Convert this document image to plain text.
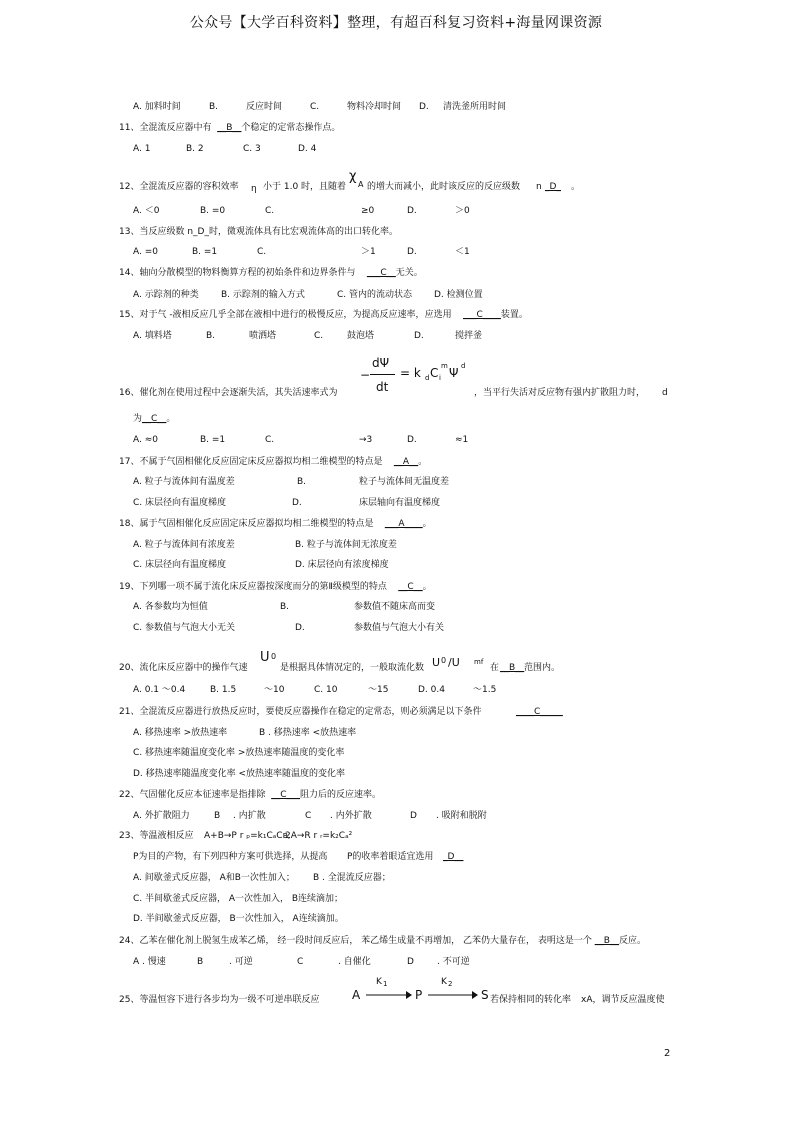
公众号【大学百科资料】整理，有超百科复习资料+海量网课资源
A. 加料时间	B.	反应时间	C.	物料冷却时间 D. 清洗釜所用时间
11、全混流反应器中有 __B__个稳定的定常态操作点。
A. 1	B. 2	C. 3	D. 4
12、全混流反应器的容积效率 η 小于 1.0 时，且随着
χ
A 的增大而减小，此时该反应的反应级数 n _D_ 。
A. ＜0	B. =0	C.	≥0	D.	＞0
13、当反应级数 n_D_时，微观流体具有比宏观流体高的出口转化率。
A. =0	B. =1	C.	＞1	D.	＜1
14、轴向分散模型的物料衡算方程的初始条件和边界条件与 ___C__无关。
A. 示踪剂的种类 B. 示踪剂的输入方式	C. 管内的流动状态 D. 检测位置
15、对于气 -液相反应几乎全部在液相中进行的极慢反应，为提高反应速率，应选用 ___C____装置。
A. 填料塔	B.	喷洒塔	C.	鼓泡塔	D.	搅拌釜
−
dΨ
dt
= k d C m
i Ψ d
16、催化剂在使用过程中会逐渐失活，其失活速率式为	，当平行失活对反应物有强内扩散阻力时， d
为__C__。
A. ≈0	B. =1	C.	→3	D.	≈1
17、不属于气固相催化反应固定床反应器拟均相二维模型的特点是 __A__。
A. 粒子与流体间有温度差	B.	粒子与流体间无温度差
C. 床层径向有温度梯度	D.	床层轴向有温度梯度
18、属于气固相催化反应固定床反应器拟均相二维模型的特点是 ___A____。
A. 粒子与流体间有浓度差	B. 粒子与流体间无浓度差
C. 床层径向有温度梯度	D. 床层径向有浓度梯度
19、下列哪一项不属于流化床反应器按深度而分的第Ⅱ级模型的特点 __C__。
A. 各参数均为恒值	B.	参数值不随床高而变
C. 参数值与气泡大小无关	D.	参数值与气泡大小有关
20、流化床反应器中的操作气速
U 0
是根据具体情况定的，一般取流化数 U 0 /U mf
在 __B__ 范围内。
A. 0.1 ～0.4	B. 1.5	～10	C. 10	～15	D. 0.4	～1.5
21、全混流反应器进行放热反应时，要使反应器操作在稳定的定常态，则必须满足以下条件	____C_____
A. 移热速率 >放热速率	B . 移热速率 <放热速率
C. 移热速率随温度变化率 >放热速率随温度的变化率
D. 移热速率随温度变化率 <放热速率随温度的变化率
22、气固催化反应本征速率是指排除 __C___阻力后的反应速率。
A. 外扩散阻力	B . 内扩散	C . 内外扩散	D . 吸附和脱附
23、等温液相反应 A+B→P r ₚ=k₁CₐCʙ,
2A→R r ᵣ=k₂Cₐ²
P为目的产物，有下列四种方案可供选择，从提高 P的收率着眼适宜选用 _D__
A. 间歇釜式反应器， A和B一次性加入； B . 全混流反应器；
C. 半间歇釜式反应器， A一次性加入， B连续滴加；
D. 半间歇釜式反应器， B一次性加入， A连续滴加。
24、乙苯在催化剂上脱氢生成苯乙烯， 经一段时间反应后， 苯乙烯生成量不再增加， 乙苯仍大量存在， 表明这是一个 __B__反应。
A . 慢速	B	. 可逆	C	. 自催化	D	. 不可逆
25、等温恒容下进行各步均为一级不可逆串联反应	A
K 1
P
K 2
S 若保持相同的转化率 xA，调节反应温度使
2
